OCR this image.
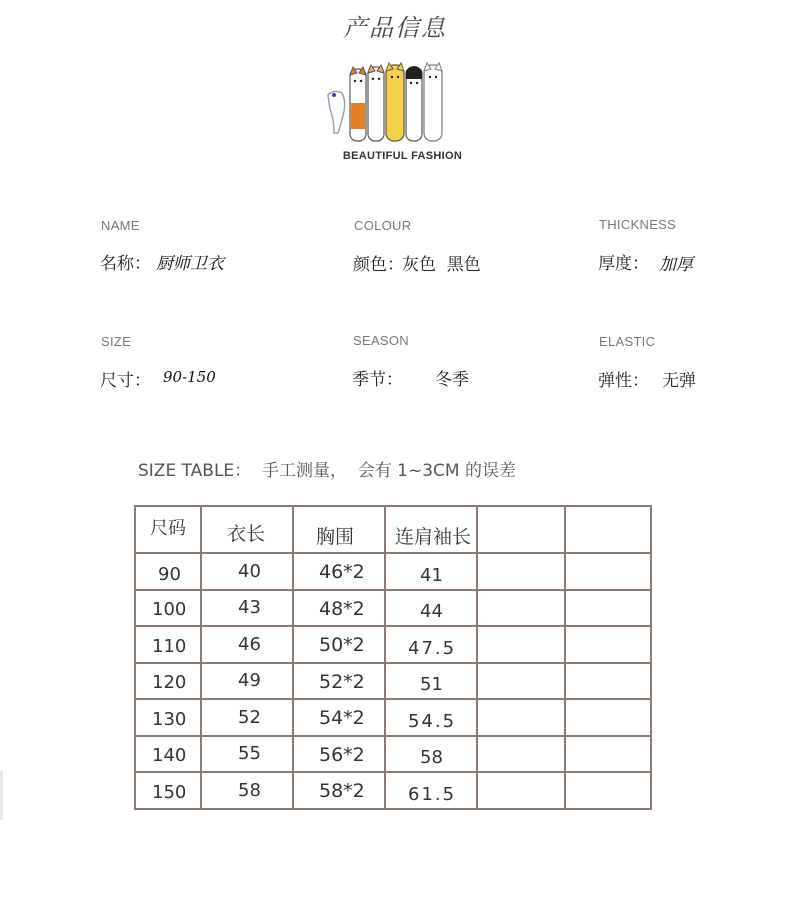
产品信息
BEAUTIFUL FASHION
NAME
名称： 厨师卫衣
COLOUR
颜色：
灰色  黑色
THICKNESS
厚度： 加厚
SIZE
尺寸： 90-150
SEASON
季节： 冬季
ELASTIC
弹性： 无弹
SIZE TABLE：  手工测量，  会有 1~3CM 的误差
尺码	衣长	胸围	连肩袖长		

90	40	46*2	41		

100	43	48*2	44		

110	46	50*2	47.5		

120	49	52*2	51		

130	52	54*2	54.5		

140	55	56*2	58		

150	58	58*2	61.5		
